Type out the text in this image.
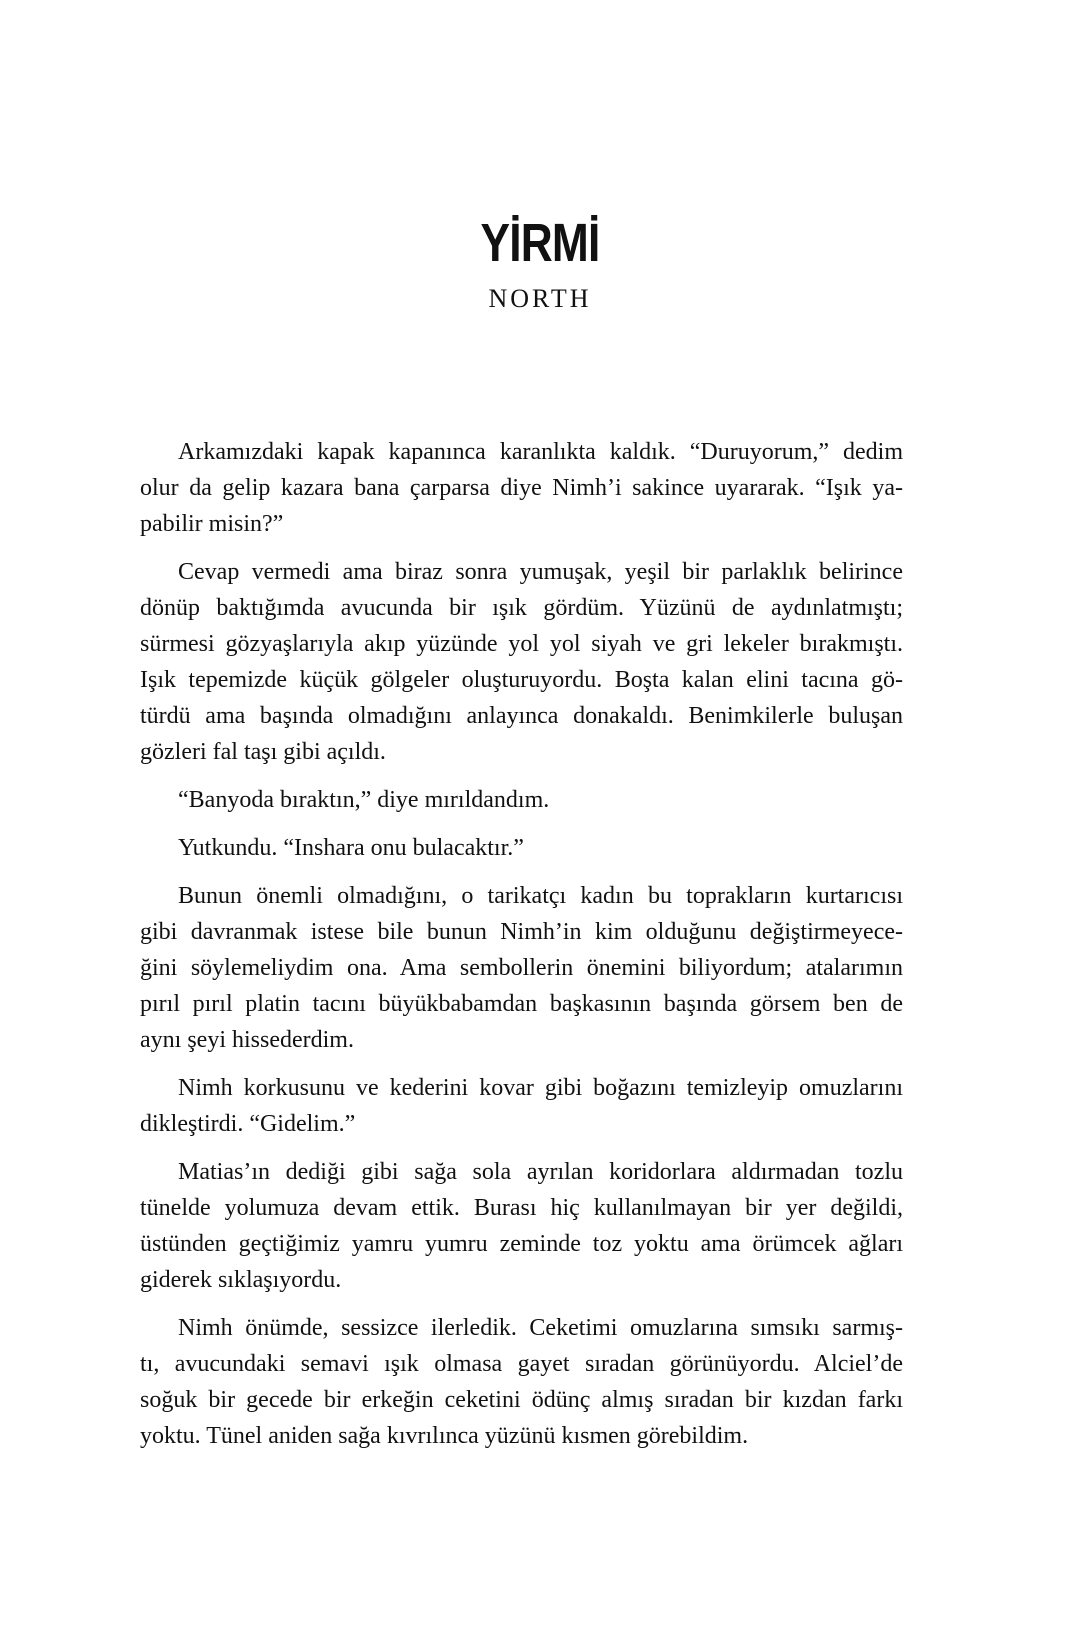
YİRMİ
NORTH
Arkamızdaki kapak kapanınca karanlıkta kaldık. “Duruyorum,” dedim
olur da gelip kazara bana çarparsa diye Nimh’i sakince uyararak. “Işık ya-
pabilir misin?”
Cevap vermedi ama biraz sonra yumuşak, yeşil bir parlaklık belirince
dönüp baktığımda avucunda bir ışık gördüm. Yüzünü de aydınlatmıştı;
sürmesi gözyaşlarıyla akıp yüzünde yol yol siyah ve gri lekeler bırakmıştı.
Işık tepemizde küçük gölgeler oluşturuyordu. Boşta kalan elini tacına gö-
türdü ama başında olmadığını anlayınca donakaldı. Benimkilerle buluşan
gözleri fal taşı gibi açıldı.
“Banyoda bıraktın,” diye mırıldandım.
Yutkundu. “Inshara onu bulacaktır.”
Bunun önemli olmadığını, o tarikatçı kadın bu toprakların kurtarıcısı
gibi davranmak istese bile bunun Nimh’in kim olduğunu değiştirmeyece-
ğini söylemeliydim ona. Ama sembollerin önemini biliyordum; atalarımın
pırıl pırıl platin tacını büyükbabamdan başkasının başında görsem ben de
aynı şeyi hissederdim.
Nimh korkusunu ve kederini kovar gibi boğazını temizleyip omuzlarını
dikleştirdi. “Gidelim.”
Matias’ın dediği gibi sağa sola ayrılan koridorlara aldırmadan tozlu
tünelde yolumuza devam ettik. Burası hiç kullanılmayan bir yer değildi,
üstünden geçtiğimiz yamru yumru zeminde toz yoktu ama örümcek ağları
giderek sıklaşıyordu.
Nimh önümde, sessizce ilerledik. Ceketimi omuzlarına sımsıkı sarmış-
tı, avucundaki semavi ışık olmasa gayet sıradan görünüyordu. Alciel’de
soğuk bir gecede bir erkeğin ceketini ödünç almış sıradan bir kızdan farkı
yoktu. Tünel aniden sağa kıvrılınca yüzünü kısmen görebildim.
